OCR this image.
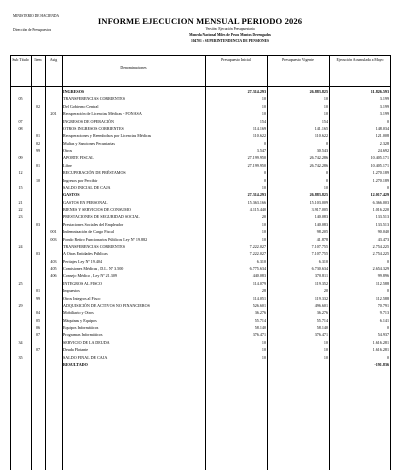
MINISTERIO DE HACIENDA
Dirección de Presupuestos
INFORME EJECUCION MENSUAL PERIODO 2026
Versión: Ejecución Presupuestaria
Moneda Nacional Miles de Pesos Montos Devengados
104701 : SUPERINTENDENCIA DE PENSIONES
Sub Título	Item	Asig
Denominaciones
Presupuesto Inicial	Presupuesto Vigente	Ejecución Acumulada a Mayo
			INGRESOS	27.314.293	26.883.825	11.826.593
05			TRANSFERENCIAS CORRIENTES	10	10	3.199
	02		Del Gobierno Central	10	10	3.199
		201	Recuperación de Licencias Médicas - FONASA	10	10	3.199
07			INGRESOS DE OPERACIÓN	154	154	0
08			OTROS INGRESOS CORRIENTES	114.169	141.165	148.034
	01		Recuperaciones y Reembolsos por Licencias Médicas	110.622	110.622	121.008
	02		Multas y Sanciones Pecuniarias	0	0	2.328
	99		Otros	3.547	30.543	24.692
09			APORTE FISCAL	27.199.950	26.742.286	10.405.171
	01		Libre	27.199.950	26.742.286	10.405.171
12			RECUPERACIÓN DE PRÉSTAMOS	0	0	1.270.189
	10		Ingresos por Percibir	0	0	1.270.189
15			SALDO INICIAL DE CAJA	10	10	0
			GASTOS	27.314.293	26.883.825	12.017.429
21			GASTOS EN PERSONAL	15.363.166	15.103.009	6.366.003
22			BIENES Y SERVICIOS DE CONSUMO	4.115.440	3.917.005	1.016.220
23			PRESTACIONES DE SEGURIDAD SOCIAL	20	140.083	133.513
	03		Prestaciones Sociales del Empleador	10	140.083	133.513
		001	Indemnización de Cargo Fiscal	10	98.205	90.040
		003	Fondo Retiro Funcionarios Públicos Ley Nº 19.882	10	41.878	43.473
24			TRANSFERENCIAS CORRIENTES	7.222.027	7.107.755	2.754.225
	03		A Otras Entidades Públicas	7.222.027	7.107.755	2.754.225
		403	Peritajes Ley Nº 19.404	6.310	6.310	0
		405	Comisiones Médicas , D.L. Nº 3.500	6.775.634	6.730.634	2.654.329
		406	Consejo Médico , Ley Nº 21.309	440.083	370.811	99.896
25			INTEGROS AL FISCO	114.079	119.352	112.588
	01		Impuestos	28	20	0
	99		Otros Integros al Fisco	114.051	119.332	112.588
29			ADQUISICIÓN DE ACTIVOS NO FINANCIEROS	526.601	496.601	70.791
	04		Mobiliario y Otros	36.276	36.276	9.713
	05		Máquinas y Equipos	55.714	55.714	6.141
	06		Equipos Informáticos	58.140	58.140	0
	07		Programas Informáticos	376.471	376.471	54.937
34			SERVICIO DE LA DEUDA	10	10	1.616.281
	07		Deuda Flotante	10	10	1.616.281
35			SALDO FINAL DE CAJA	10	10	0
			RESULTADO			-191.836
